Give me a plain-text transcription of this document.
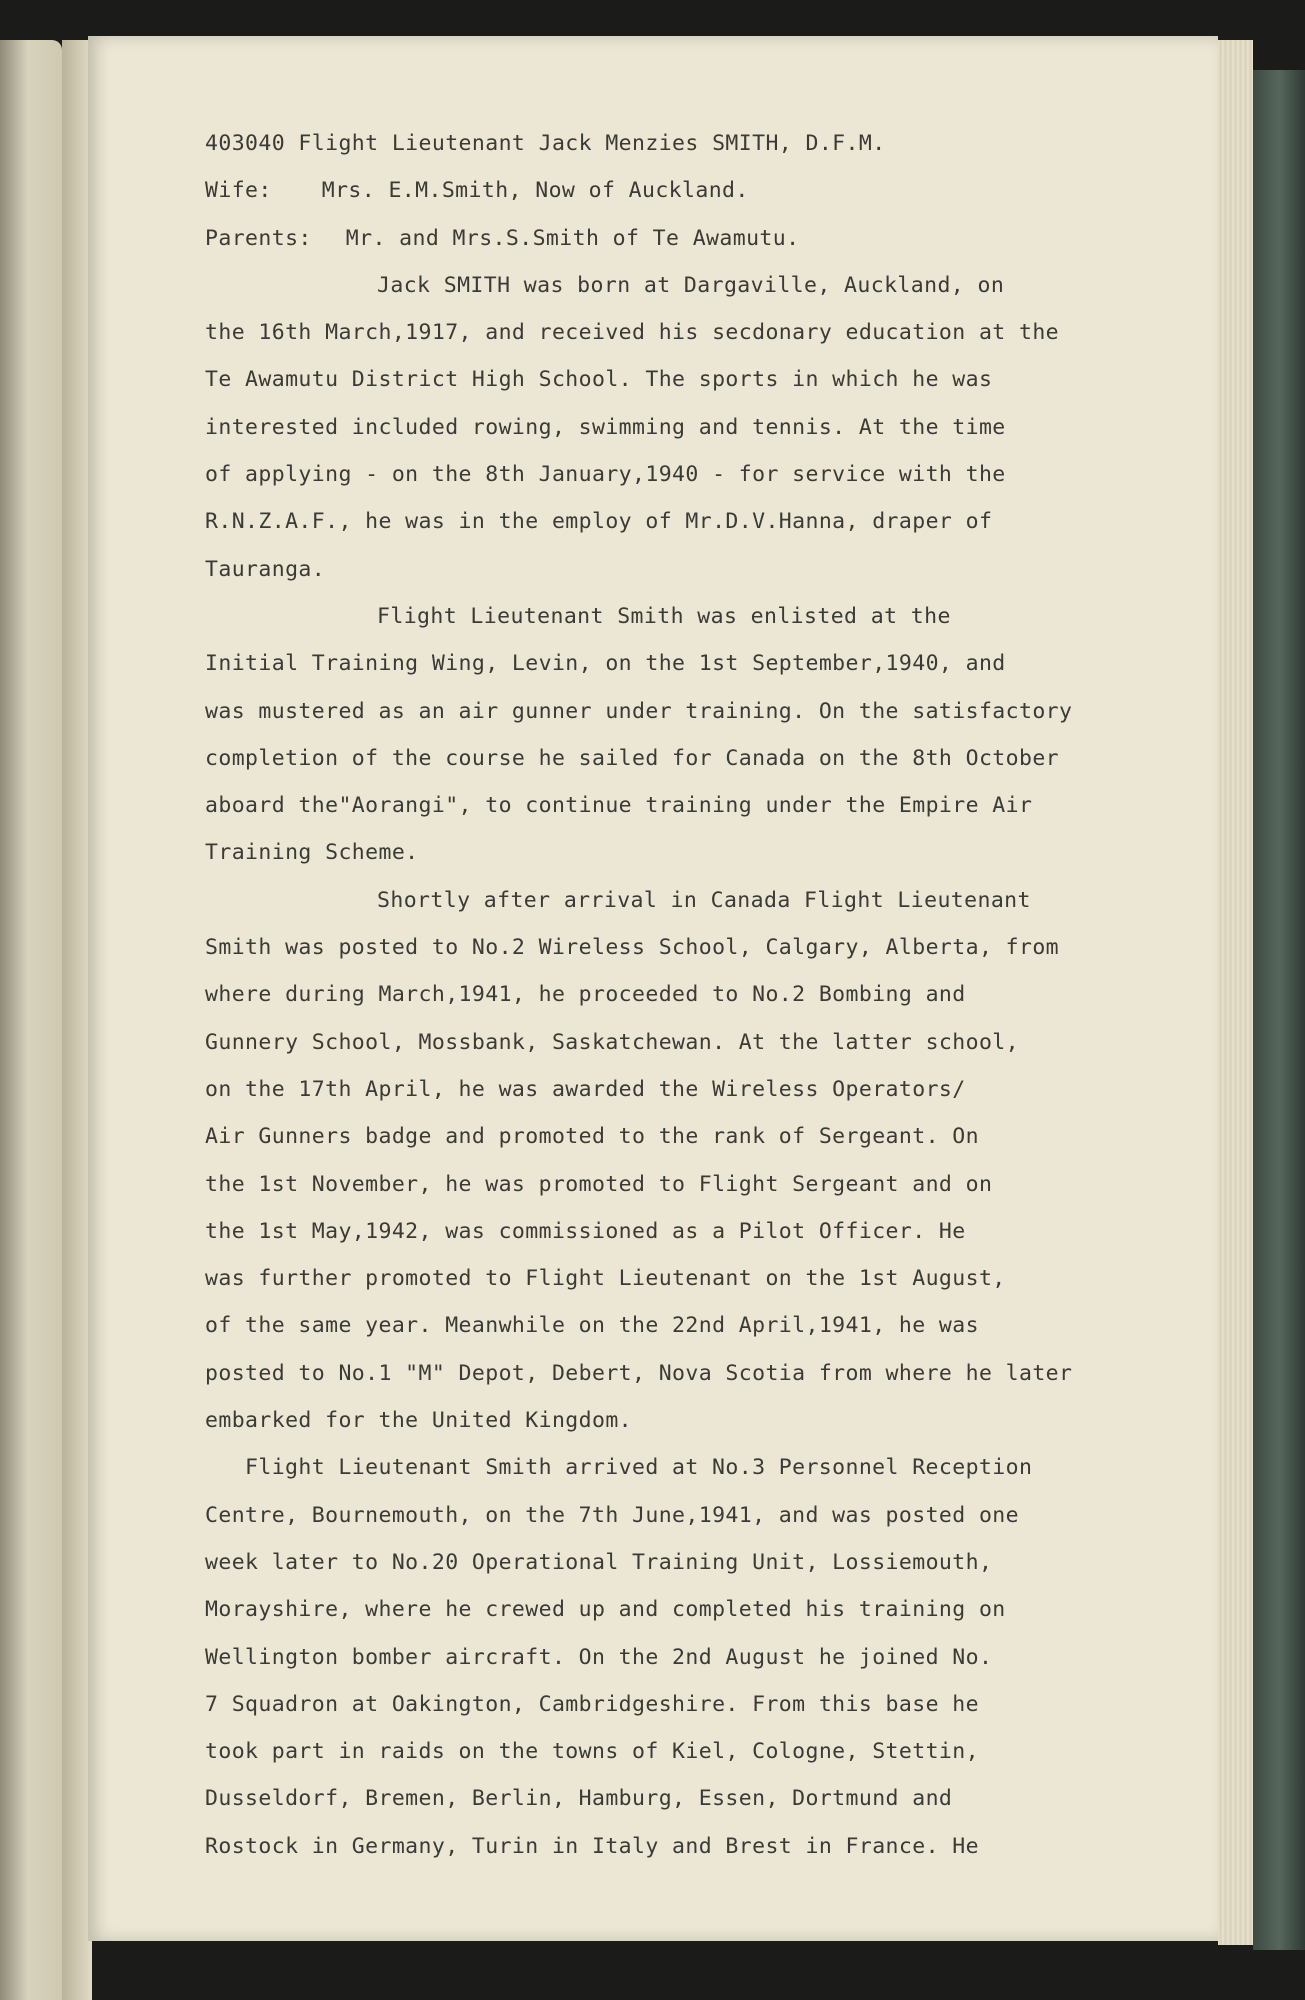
403040 Flight Lieutenant Jack Menzies SMITH, D.F.M.
Wife: Mrs. E.M.Smith, Now of Auckland.
Parents: Mr. and Mrs.S.Smith of Te Awamutu.
Jack SMITH was born at Dargaville, Auckland, on
the 16th March,1917, and received his secdonary education at the
Te Awamutu District High School. The sports in which he was
interested included rowing, swimming and tennis. At the time
of applying - on the 8th January,1940 - for service with the
R.N.Z.A.F., he was in the employ of Mr.D.V.Hanna, draper of
Tauranga.
Flight Lieutenant Smith was enlisted at the
Initial Training Wing, Levin, on the 1st September,1940, and
was mustered as an air gunner under training. On the satisfactory
completion of the course he sailed for Canada on the 8th October
aboard the"Aorangi", to continue training under the Empire Air
Training Scheme.
Shortly after arrival in Canada Flight Lieutenant
Smith was posted to No.2 Wireless School, Calgary, Alberta, from
where during March,1941, he proceeded to No.2 Bombing and
Gunnery School, Mossbank, Saskatchewan. At the latter school,
on the 17th April, he was awarded the Wireless Operators/
Air Gunners badge and promoted to the rank of Sergeant. On
the 1st November, he was promoted to Flight Sergeant and on
the 1st May,1942, was commissioned as a Pilot Officer. He
was further promoted to Flight Lieutenant on the 1st August,
of the same year. Meanwhile on the 22nd April,1941, he was
posted to No.1 "M" Depot, Debert, Nova Scotia from where he later
embarked for the United Kingdom.
Flight Lieutenant Smith arrived at No.3 Personnel Reception
Centre, Bournemouth, on the 7th June,1941, and was posted one
week later to No.20 Operational Training Unit, Lossiemouth,
Morayshire, where he crewed up and completed his training on
Wellington bomber aircraft. On the 2nd August he joined No.
7 Squadron at Oakington, Cambridgeshire. From this base he
took part in raids on the towns of Kiel, Cologne, Stettin,
Dusseldorf, Bremen, Berlin, Hamburg, Essen, Dortmund and
Rostock in Germany, Turin in Italy and Brest in France. He
